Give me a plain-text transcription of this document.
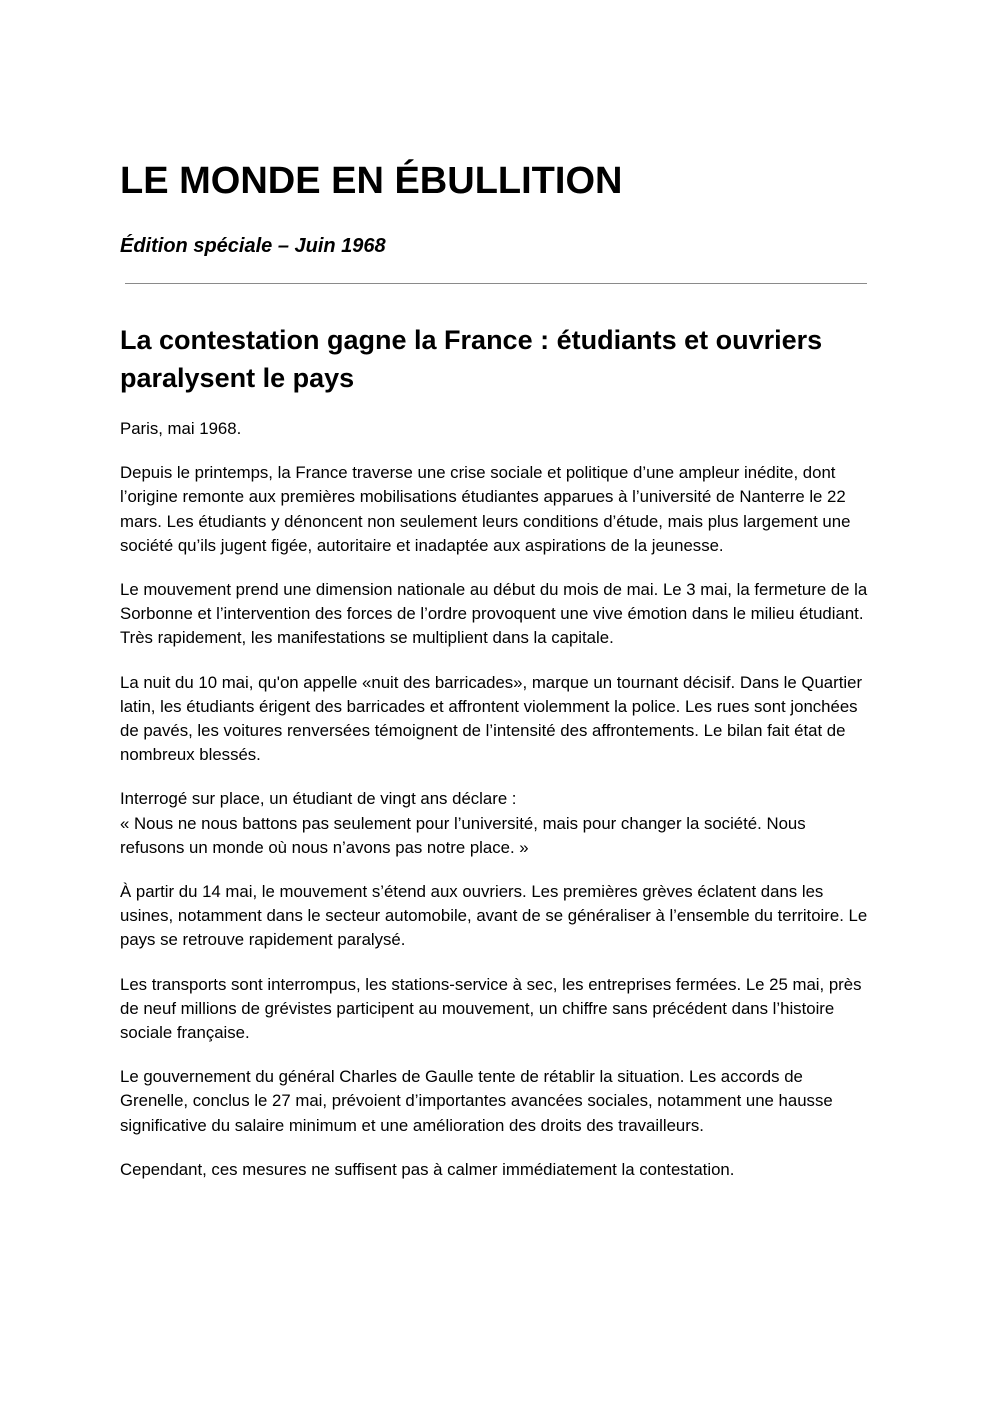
LE MONDE EN ÉBULLITION
Édition spéciale – Juin 1968
La contestation gagne la France : étudiants et ouvriers paralysent le pays

Paris, mai 1968.

Depuis le printemps, la France traverse une crise sociale et politique d’une ampleur inédite, dont l’origine remonte aux premières mobilisations étudiantes apparues à l’université de Nanterre le 22 mars. Les étudiants y dénoncent non seulement leurs conditions d’étude, mais plus largement une société qu’ils jugent figée, autoritaire et inadaptée aux aspirations de la jeunesse.

Le mouvement prend une dimension nationale au début du mois de mai. Le 3 mai, la fermeture de la Sorbonne et l’intervention des forces de l’ordre provoquent une vive émotion dans le milieu étudiant. Très rapidement, les manifestations se multiplient dans la capitale.

La nuit du 10 mai, qu'on appelle «nuit des barricades», marque un tournant décisif. Dans le Quartier latin, les étudiants érigent des barricades et affrontent violemment la police. Les rues sont jonchées de pavés, les voitures renversées témoignent de l’intensité des affrontements. Le bilan fait état de nombreux blessés.

Interrogé sur place, un étudiant de vingt ans déclare :
« Nous ne nous battons pas seulement pour l’université, mais pour changer la société. Nous refusons un monde où nous n’avons pas notre place. »

À partir du 14 mai, le mouvement s’étend aux ouvriers. Les premières grèves éclatent dans les usines, notamment dans le secteur automobile, avant de se généraliser à l’ensemble du territoire. Le pays se retrouve rapidement paralysé.

Les transports sont interrompus, les stations-service à sec, les entreprises fermées. Le 25 mai, près de neuf millions de grévistes participent au mouvement, un chiffre sans précédent dans l’histoire sociale française.

Le gouvernement du général Charles de Gaulle tente de rétablir la situation. Les accords de Grenelle, conclus le 27 mai, prévoient d’importantes avancées sociales, notamment une hausse significative du salaire minimum et une amélioration des droits des travailleurs.

Cependant, ces mesures ne suffisent pas à calmer immédiatement la contestation.
